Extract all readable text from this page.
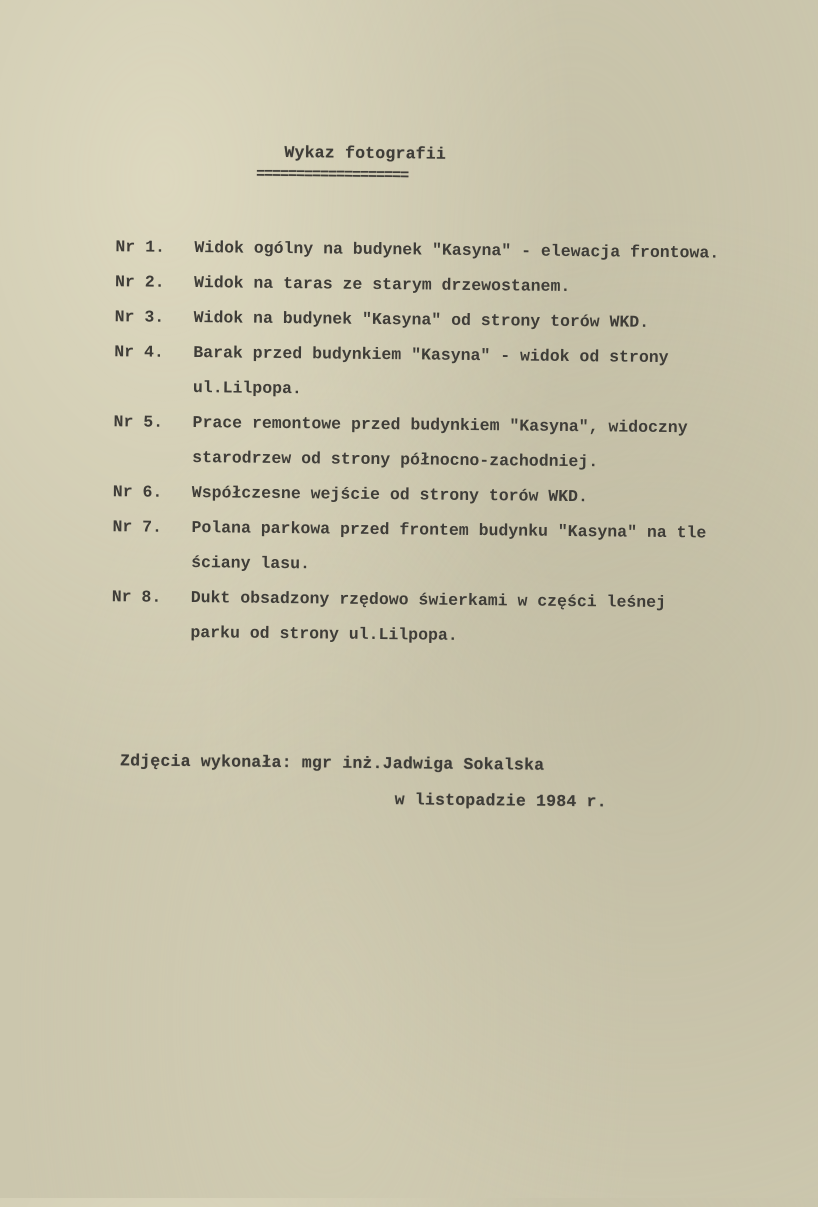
Wykaz fotografii
===================
Nr 1.	Widok ogólny na budynek "Kasyna" - elewacja frontowa.
Nr 2.	Widok na taras ze starym drzewostanem.
Nr 3.	Widok na budynek "Kasyna" od strony torów WKD.
Nr 4.	Barak przed budynkiem "Kasyna" - widok od strony
ul.Lilpopa.
Nr 5.	Prace remontowe przed budynkiem "Kasyna", widoczny
starodrzew od strony północno-zachodniej.
Nr 6.	Współczesne wejście od strony torów WKD.
Nr 7.	Polana parkowa przed frontem budynku "Kasyna" na tle
ściany lasu.
Nr 8.	Dukt obsadzony rzędowo świerkami w części leśnej
parku od strony ul.Lilpopa.
Zdjęcia wykonała: mgr inż.Jadwiga Sokalska
w listopadzie 1984 r.
